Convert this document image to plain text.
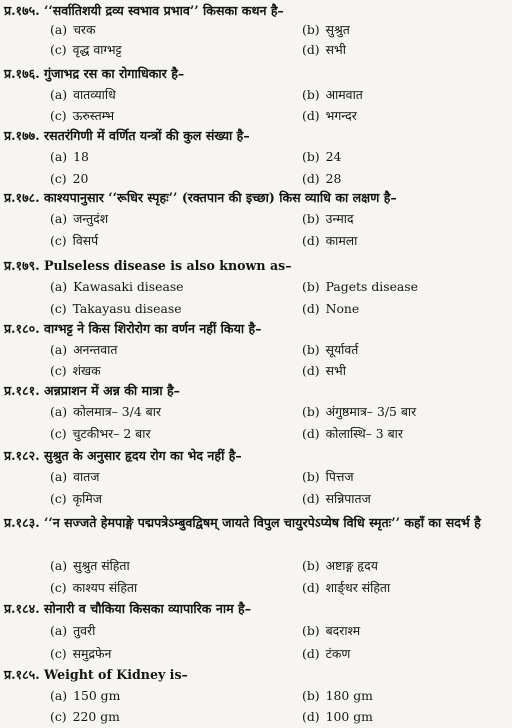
प्र.१७५. ‘‘सर्वातिशयी द्रव्य स्वभाव प्रभाव’’ किसका कथन है–
(a) चरक	(b) सुश्रुत
(c) वृद्ध वाग्भट्ट	(d) सभी
प्र.१७६. गुंजाभद्र रस का रोगाधिकार है–
(a) वातव्याधि	(b) आमवात
(c) ऊरुस्तम्भ	(d) भगन्दर
प्र.१७७. रसतरंगिणी में वर्णित यन्त्रों की कुल संख्या है–
(a) 18	(b) 24
(c) 20	(d) 28
प्र.१७८. काश्यपानुसार ‘‘रूधिर स्पृहः’’ (रक्तपान की इच्छा) किस व्याधि का लक्षण है–
(a) जन्तुदंश	(b) उन्माद
(c) विसर्प	(d) कामला
प्र.१७९. Pulseless disease is also known as–
(a) Kawasaki disease	(b) Pagets disease
(c) Takayasu disease	(d) None
प्र.१८०. वाग्भट्ट ने किस शिरोरोग का वर्णन नहीं किया है–
(a) अनन्तवात	(b) सूर्यावर्त
(c) शंखक	(d) सभी
प्र.१८१. अन्नप्राशन में अन्न की मात्रा है–
(a) कोलमात्र– 3/4 बार	(b) अंगुष्ठमात्र– 3/5 बार
(c) चुटकीभर– 2 बार	(d) कोलास्थि– 3 बार
प्र.१८२. सुश्रुत के अनुसार हृदय रोग का भेद नहीं है–
(a) वातज	(b) पित्तज
(c) कृमिज	(d) सन्निपातज
प्र.१८३. ‘‘न सज्जते हेमपाङ्गे पद्मपत्रेऽम्बुवद्विषम् जायते विपुल चायुरपेऽप्येष विधि स्मृतः’’ कहाँ का सदर्भ है
(a) सुश्रुत संहिता	(b) अष्टाङ्ग हृदय
(c) काश्यप संहिता	(d) शार्ङ्धर संहिता
प्र.१८४. सोनारी व चौकिया किसका व्यापारिक नाम है–
(a) तुवरी	(b) बदराश्म
(c) समुद्रफेन	(d) टंकण
प्र.१८५. Weight of Kidney is–
(a) 150 gm	(b) 180 gm
(c) 220 gm	(d) 100 gm
